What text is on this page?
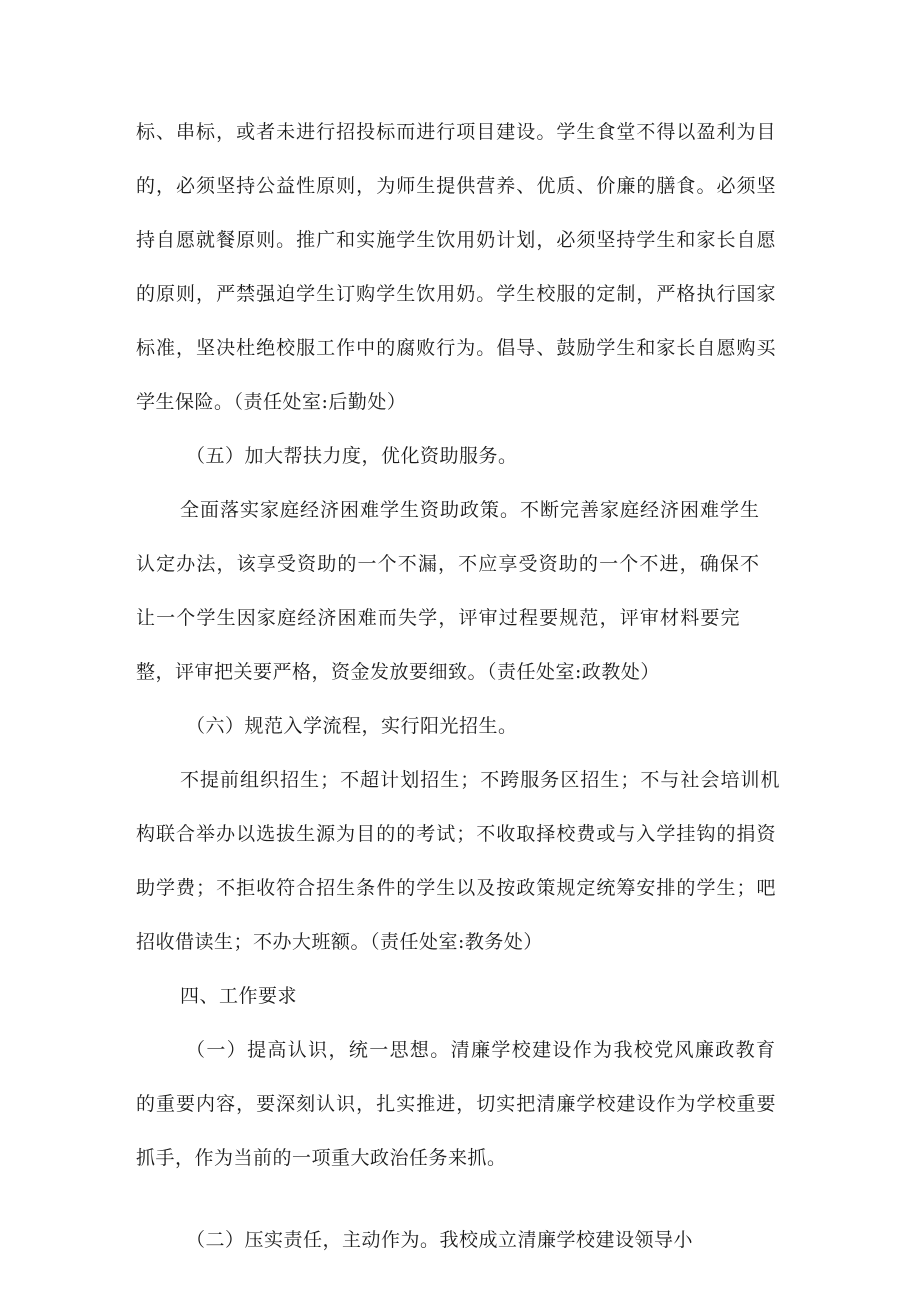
标、串标，或者未进行招投标而进行项目建设。学生食堂不得以盈利为目
的，必须坚持公益性原则，为师生提供营养、优质、价廉的膳食。必须坚
持自愿就餐原则。推广和实施学生饮用奶计划，必须坚持学生和家长自愿
的原则，严禁强迫学生订购学生饮用奶。学生校服的定制，严格执行国家
标准，坚决杜绝校服工作中的腐败行为。倡导、鼓励学生和家长自愿购买
学生保险。（责任处室:后勤处）
（五）加大帮扶力度，优化资助服务。
全面落实家庭经济困难学生资助政策。不断完善家庭经济困难学生
认定办法，该享受资助的一个不漏，不应享受资助的一个不进，确保不
让一个学生因家庭经济困难而失学，评审过程要规范，评审材料要完
整，评审把关要严格，资金发放要细致。（责任处室:政教处）
（六）规范入学流程，实行阳光招生。
不提前组织招生；不超计划招生；不跨服务区招生；不与社会培训机
构联合举办以选拔生源为目的的考试；不收取择校费或与入学挂钩的捐资
助学费；不拒收符合招生条件的学生以及按政策规定统筹安排的学生；吧
招收借读生；不办大班额。（责任处室:教务处）
四、工作要求
（一）提高认识，统一思想。清廉学校建设作为我校党风廉政教育
的重要内容，要深刻认识，扎实推进，切实把清廉学校建设作为学校重要
抓手，作为当前的一项重大政治任务来抓。
（二）压实责任，主动作为。我校成立清廉学校建设领导小
